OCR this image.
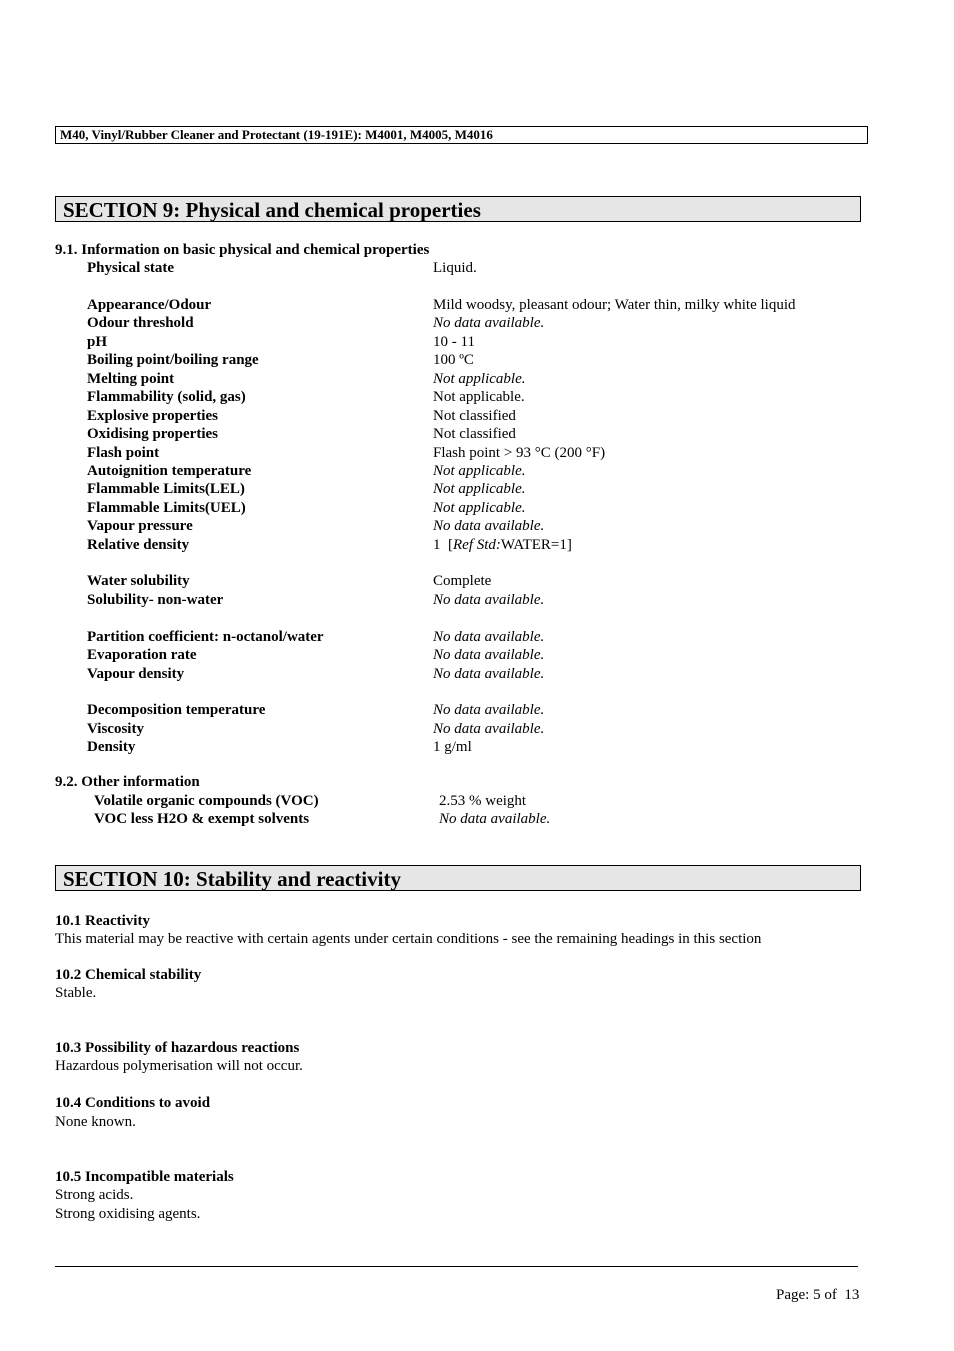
M40, Vinyl/Rubber Cleaner and Protectant (19-191E): M4001, M4005, M4016
SECTION 9: Physical and chemical properties
9.1. Information on basic physical and chemical properties
Physical state	Liquid.
Appearance/Odour	Mild woodsy, pleasant odour; Water thin, milky white liquid
Odour threshold	No data available.
pH	10 - 11
Boiling point/boiling range	100 ºC
Melting point	Not applicable.
Flammability (solid, gas)	Not applicable.
Explosive properties	Not classified
Oxidising properties	Not classified
Flash point	Flash point > 93 °C (200 °F)
Autoignition temperature	Not applicable.
Flammable Limits(LEL)	Not applicable.
Flammable Limits(UEL)	Not applicable.
Vapour pressure	No data available.
Relative density	1  [Ref Std:WATER=1]
Water solubility	Complete
Solubility- non-water	No data available.
Partition coefficient: n-octanol/water	No data available.
Evaporation rate	No data available.
Vapour density	No data available.
Decomposition temperature	No data available.
Viscosity	No data available.
Density	1 g/ml
9.2. Other information
Volatile organic compounds (VOC)	2.53 % weight
VOC less H2O & exempt solvents	No data available.
SECTION 10: Stability and reactivity
10.1 Reactivity
This material may be reactive with certain agents under certain conditions - see the remaining headings in this section
10.2 Chemical stability
Stable.
10.3 Possibility of hazardous reactions
Hazardous polymerisation will not occur.
10.4 Conditions to avoid
None known.
10.5 Incompatible materials
Strong acids.
Strong oxidising agents.
Page: 5 of 13
